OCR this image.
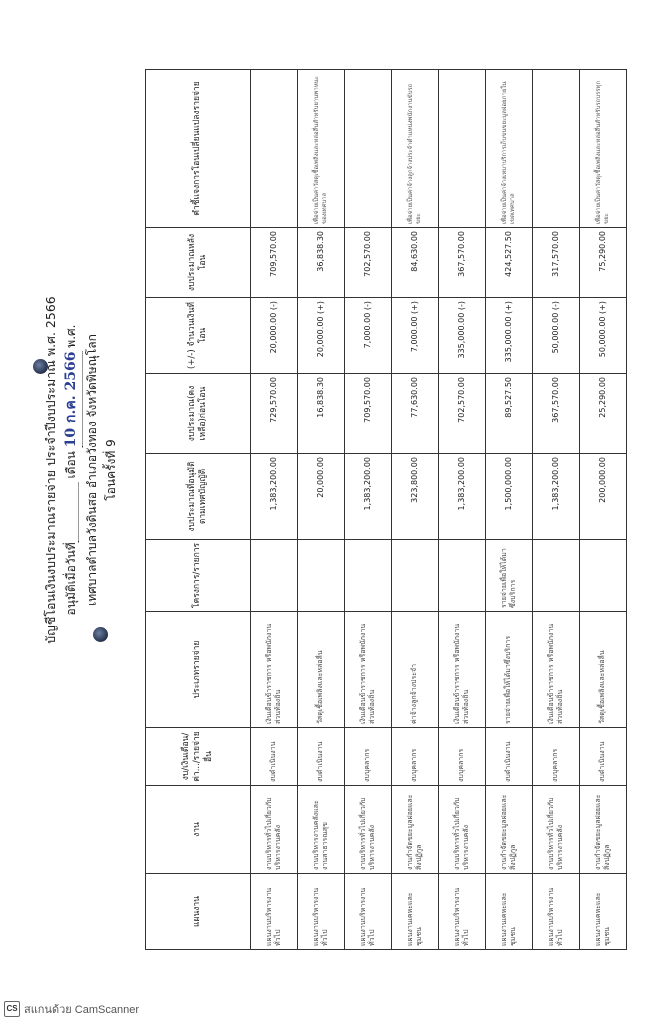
บัญชีโอนเงินงบประมาณรายจ่าย ประจำปีงบประมาณ พ.ศ. 2566 อนุมัติเมื่อวันที่  เดือน 10 ก.ค. 2566 พ.ศ. เทศบาลตำบลวังดินสอ อำเภอวังทอง จังหวัดพิษณุโลก โอนครั้งที่ 9
แผนงาน	งาน	งบ/เงินเดือน/ค่า.../รายจ่ายอื่น	ประเภทรายจ่าย	โครงการ/รายการ	งบประมาณที่อนุมัติตามเทศบัญญัติ	งบประมาณ(คงเหลือ)ก่อนโอน	(+/-) จำนวนเงินที่โอน	งบประมาณหลังโอน	คำชี้แจงการโอนเปลี่ยนแปลงรายจ่าย
แผนงานบริหารงานทั่วไป	งานบริหารทั่วไปเกี่ยวกับบริหารงานคลัง	งบดำเนินงาน	เงินเดือนข้าราชการ หรือพนักงานส่วนท้องถิ่น		1,383,200.00	729,570.00	20,000.00 (-)	709,570.00	
แผนงานบริหารงานทั่วไป	งานบริหารงานคลังและงานสาธารณสุข	งบดำเนินงาน	วัสดุเชื้อเพลิงและหล่อลื่น		20,000.00	16,838.30	20,000.00 (+)	36,838.30	เพื่อจ่ายเป็นค่าวัสดุเชื้อเพลิงและหล่อลื่นสำหรับยานพาหนะของเทศบาล
แผนงานบริหารงานทั่วไป	งานบริหารทั่วไปเกี่ยวกับบริหารงานคลัง	งบบุคลากร	เงินเดือนข้าราชการ หรือพนักงานส่วนท้องถิ่น		1,383,200.00	709,570.00	7,000.00 (-)	702,570.00	
แผนงานเคหะและชุมชน	งานกำจัดขยะมูลฝอยและสิ่งปฏิกูล	งบบุคลากร	ค่าจ้างลูกจ้างประจำ		323,800.00	77,630.00	7,000.00 (+)	84,630.00	เพื่อจ่ายเป็นค่าจ้างลูกจ้างประจำตำแหน่งพนักงานขับรถขยะ
แผนงานบริหารงานทั่วไป	งานบริหารทั่วไปเกี่ยวกับบริหารงานคลัง	งบบุคลากร	เงินเดือนข้าราชการ หรือพนักงานส่วนท้องถิ่น		1,383,200.00	702,570.00	335,000.00 (-)	367,570.00	
แผนงานเคหะและชุมชน	งานกำจัดขยะมูลฝอยและสิ่งปฏิกูล	งบดำเนินงาน	รายจ่ายเพื่อให้ได้มาซึ่งบริการ	รายจ่ายเพื่อให้ได้มาซึ่งบริการ	1,500,000.00	89,527.50	335,000.00 (+)	424,527.50	เพื่อจ่ายเป็นค่าจ้างเหมาบริการเก็บขนขยะมูลฝอยภายในเขตเทศบาล
แผนงานบริหารงานทั่วไป	งานบริหารทั่วไปเกี่ยวกับบริหารงานคลัง	งบบุคลากร	เงินเดือนข้าราชการ หรือพนักงานส่วนท้องถิ่น		1,383,200.00	367,570.00	50,000.00 (-)	317,570.00	
แผนงานเคหะและชุมชน	งานกำจัดขยะมูลฝอยและสิ่งปฏิกูล	งบดำเนินงาน	วัสดุเชื้อเพลิงและหล่อลื่น		200,000.00	25,290.00	50,000.00 (+)	75,290.00	เพื่อจ่ายเป็นค่าวัสดุเชื้อเพลิงและหล่อลื่นสำหรับรถบรรทุกขยะ
CS สแกนด้วย CamScanner
